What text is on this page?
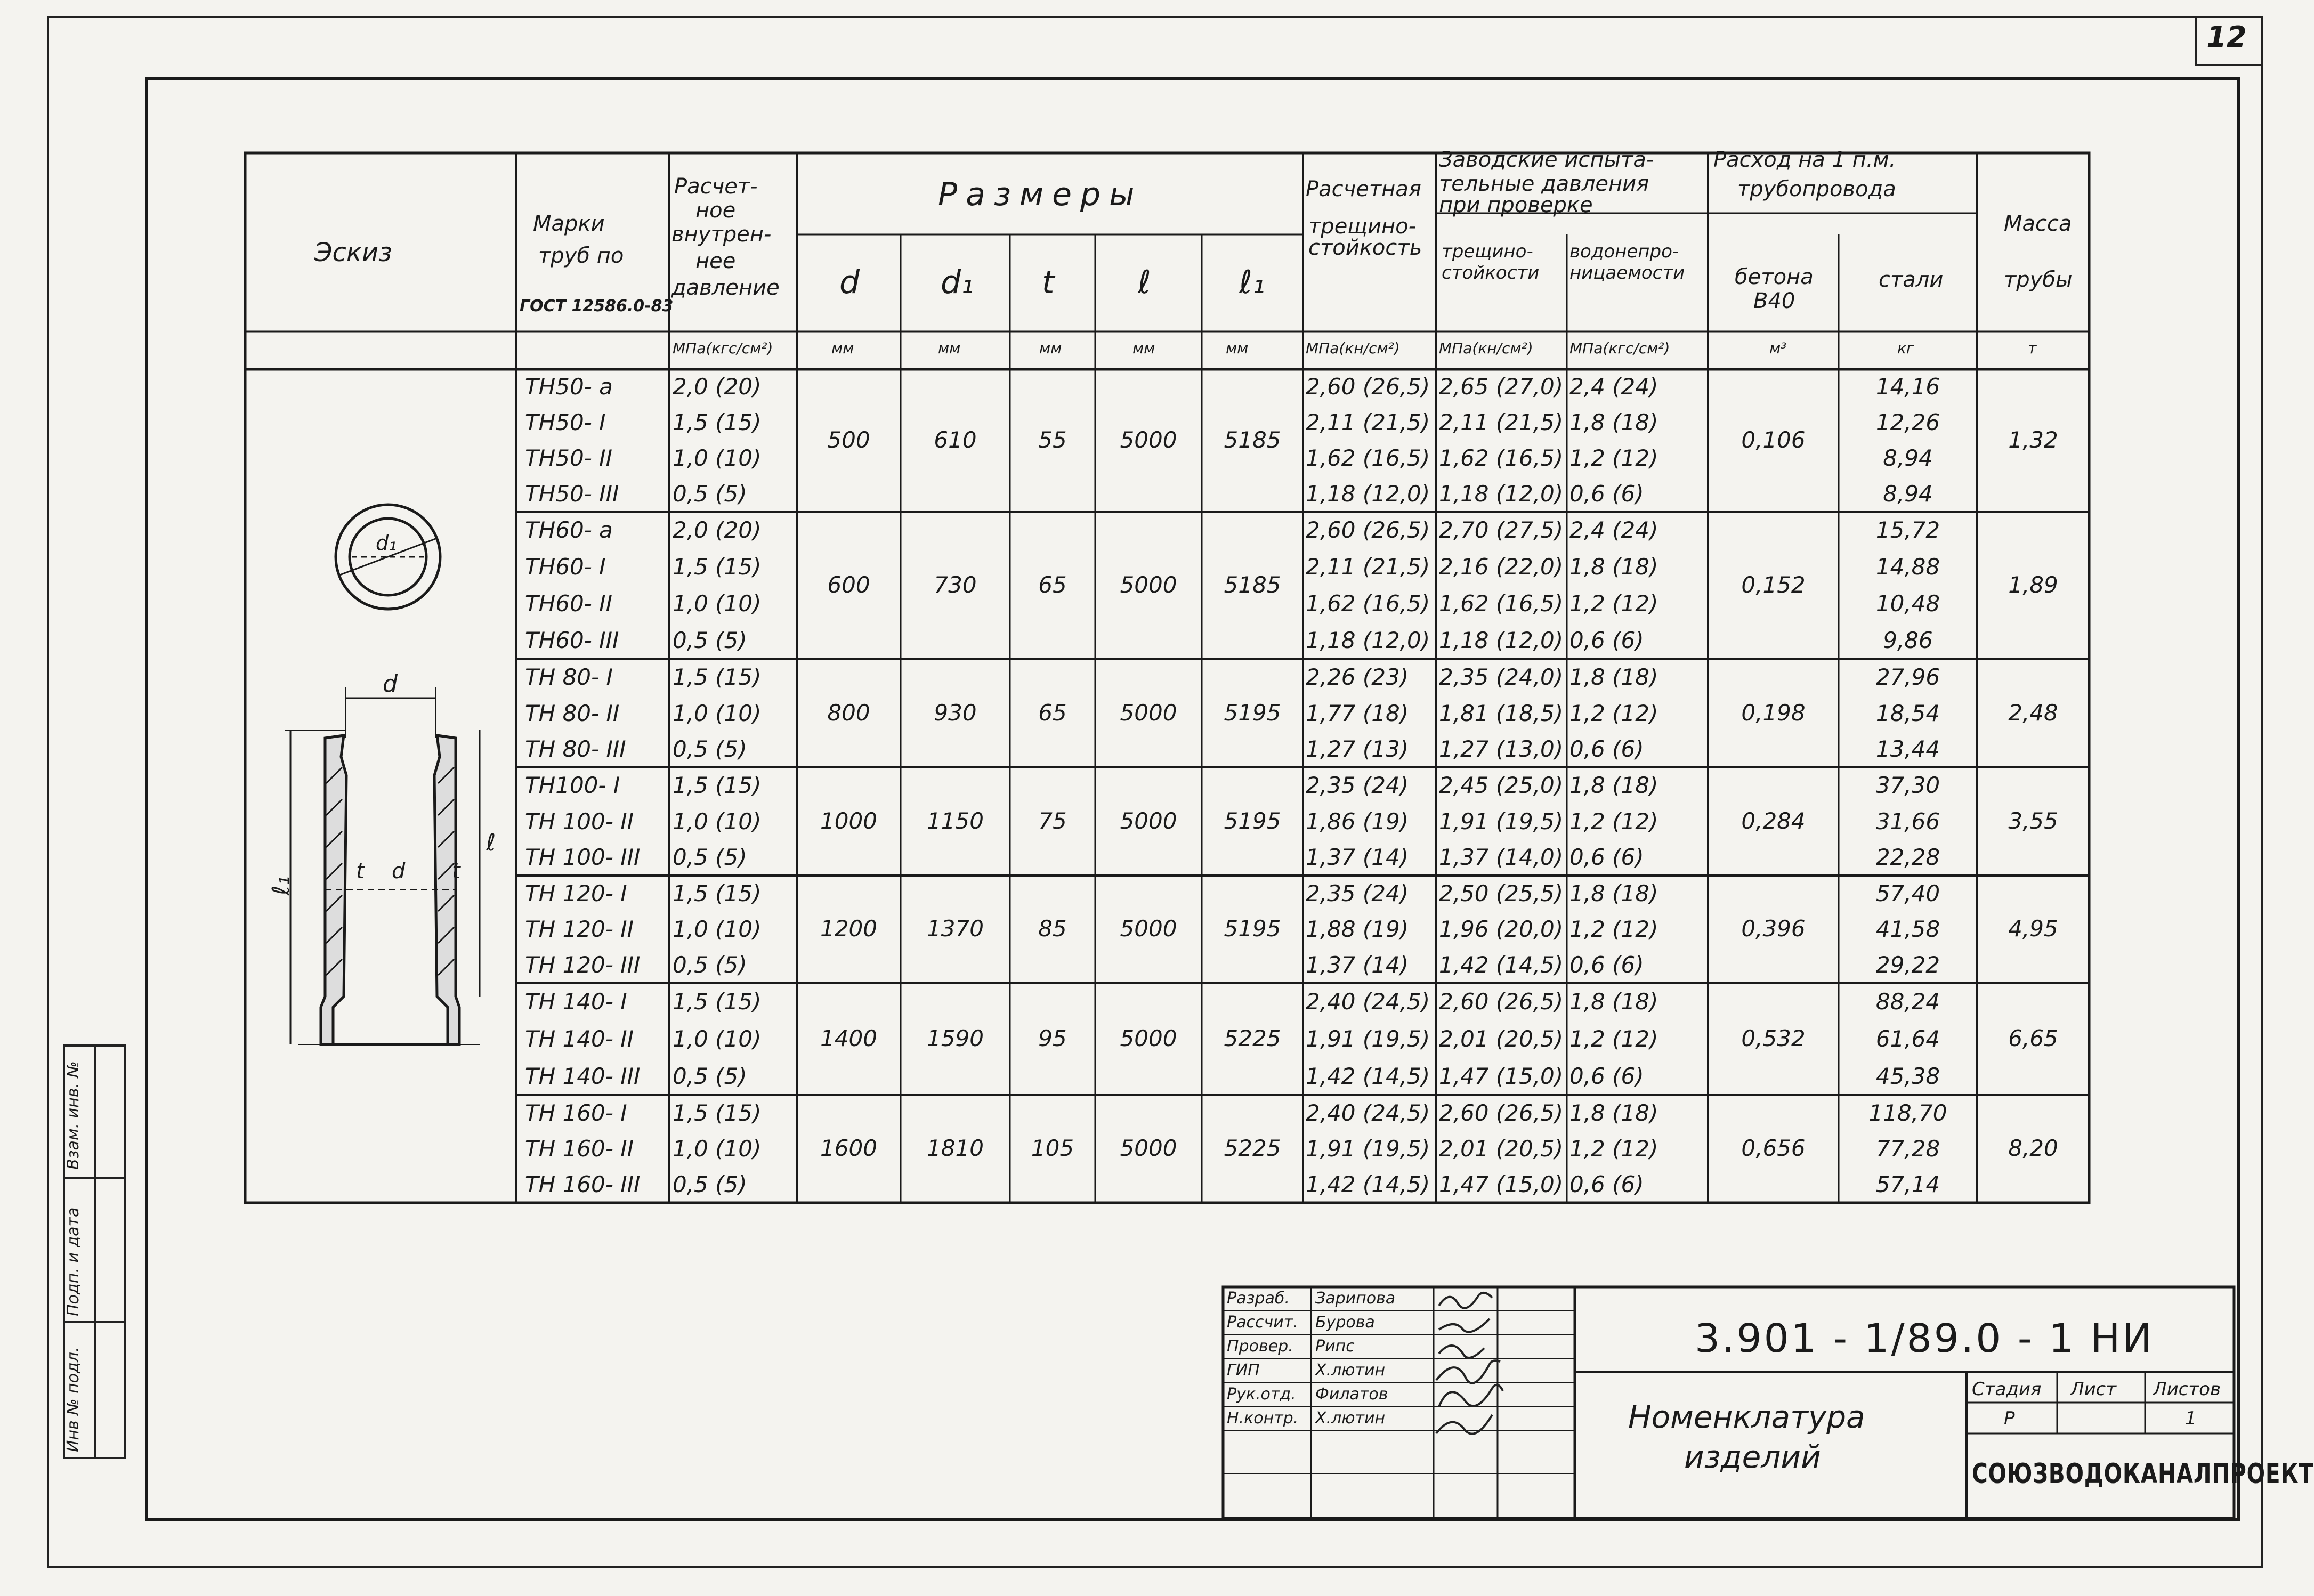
12
Инв № подл.
Подп. и дата
Взам. инв. №
Эскиз
Марки
труб по
ГОСТ 12586.0-83
Расчет-
ное
внутрен-
нее
давление
Размеры
d	d₁ t	ℓ	ℓ₁
Расчетная
трещино-
стойкость
Заводские испыта-
тельные давления
при проверке
трещино-
стойкости
водонепро-
ницаемости
Расход на 1 п.м.
трубопровода
бетона
B40
стали
Масса
трубы
МПа(кгс/см²)	мм	мм	мм	мм	мм	МПа(кн/см²)	МПа(кн/см²) МПа(кгс/см²)	м³	кг	т
500	610	55	5000	5185	0,106	1,32
ТН50- а	2,0 (20)	2,60 (26,5) 2,65 (27,0) 2,4 (24)	14,16
ТН50- I	1,5 (15)	2,11 (21,5) 2,11 (21,5) 1,8 (18)	12,26
ТН50- II	1,0 (10)	1,62 (16,5) 1,62 (16,5) 1,2 (12)	8,94
ТН50- III 0,5 (5)	1,18 (12,0) 1,18 (12,0) 0,6 (6)	8,94
600	730	65	5000	5185	0,152	1,89
ТН60- а	2,0 (20)	2,60 (26,5) 2,70 (27,5) 2,4 (24)	15,72
ТН60- I	1,5 (15)	2,11 (21,5) 2,16 (22,0) 1,8 (18)	14,88
ТН60- II	1,0 (10)	1,62 (16,5) 1,62 (16,5) 1,2 (12)	10,48
ТН60- III 0,5 (5)	1,18 (12,0) 1,18 (12,0) 0,6 (6)	9,86
800	930	65	5000	5195	0,198	2,48
ТН 80- I	1,5 (15)	2,26 (23) 2,35 (24,0) 1,8 (18)	27,96
ТН 80- II 1,0 (10)	1,77 (18) 1,81 (18,5) 1,2 (12)	18,54
ТН 80- III 0,5 (5)	1,27 (13) 1,27 (13,0) 0,6 (6)	13,44
1000	1150	75	5000	5195	0,284	3,55
ТН100- I 1,5 (15)	2,35 (24) 2,45 (25,0) 1,8 (18)	37,30
ТН 100- II 1,0 (10)	1,86 (19) 1,91 (19,5) 1,2 (12)	31,66
ТН 100- III 0,5 (5)	1,37 (14) 1,37 (14,0) 0,6 (6)	22,28
1200	1370	85	5000	5195	0,396	4,95
ТН 120- I 1,5 (15)	2,35 (24) 2,50 (25,5) 1,8 (18)	57,40
ТН 120- II 1,0 (10)	1,88 (19) 1,96 (20,0) 1,2 (12)	41,58
ТН 120- III 0,5 (5)	1,37 (14) 1,42 (14,5) 0,6 (6)	29,22
1400	1590	95	5000	5225	0,532	6,65
ТН 140- I 1,5 (15)	2,40 (24,5) 2,60 (26,5) 1,8 (18)	88,24
ТН 140- II 1,0 (10)	1,91 (19,5) 2,01 (20,5) 1,2 (12)	61,64
ТН 140- III 0,5 (5)	1,42 (14,5) 1,47 (15,0) 0,6 (6)	45,38
1600	1810	105	5000	5225	0,656	8,20
ТН 160- I 1,5 (15)	2,40 (24,5) 2,60 (26,5) 1,8 (18)	118,70
ТН 160- II 1,0 (10)	1,91 (19,5) 2,01 (20,5) 1,2 (12)	77,28
ТН 160- III 0,5 (5)	1,42 (14,5) 1,47 (15,0) 0,6 (6)	57,14
d₁
d
t d t
ℓ
ℓ₁
Разраб. Зарипова
Рассчит. Бурова
Провер. Рипс
ГИП	Х.лютин
Рук.отд. Филатов
Н.контр. Х.лютин
3.901 - 1/89.0 - 1 НИ
Номенклатура
изделий
Стадия Лист Листов
Р	1
СОЮЗВОДОКАНАЛПРОЕКТ
